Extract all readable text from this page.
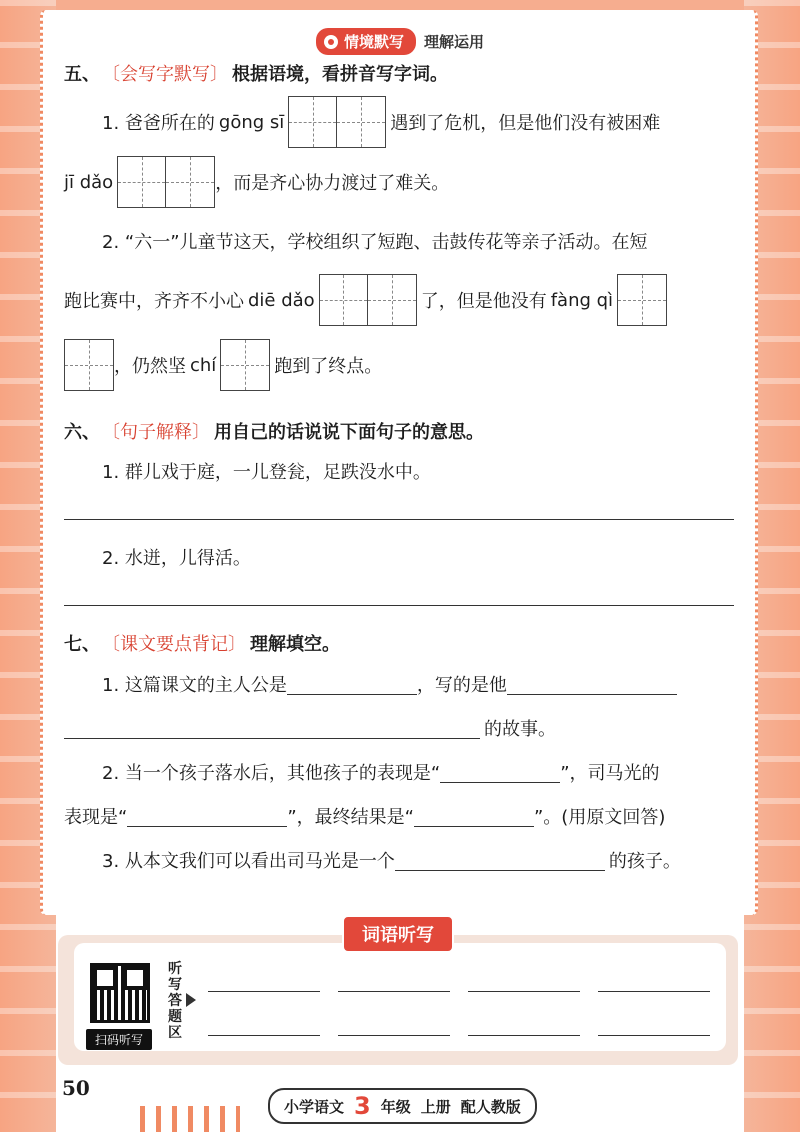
情境默写 理解运用
五、	〔 会写字默写 〕	根据语境，看拼音写字词。
1. 爸爸所在的 gōng sī	遇到了危机，但是他们没有被困难
jī dǎo	，而是齐心协力渡过了难关。
2. “六一”儿童节这天，学校组织了短跑、击鼓传花等亲子活动。在短
跑比赛中，齐齐不小心 diē dǎo	了，但是他没有 fàng qì
，仍然坚 chí	跑到了终点。
六、	〔 句子解释 〕	用自己的话说说下面句子的意思。
1. 群儿戏于庭，一儿登瓮，足跌没水中。
2. 水迸，儿得活。
七、	〔 课文要点背记 〕	理解填空。
1. 这篇课文的主人公是	，写的是他
的故事。
2. 当一个孩子落水后，其他孩子的表现是“	”，司马光的
表现是“	”，最终结果是“	”。(用原文回答)
3. 从本文我们可以看出司马光是一个	的孩子。
扫码听写
听写答题区
词语听写
50
小学语文 3 年级 上册 配人教版
